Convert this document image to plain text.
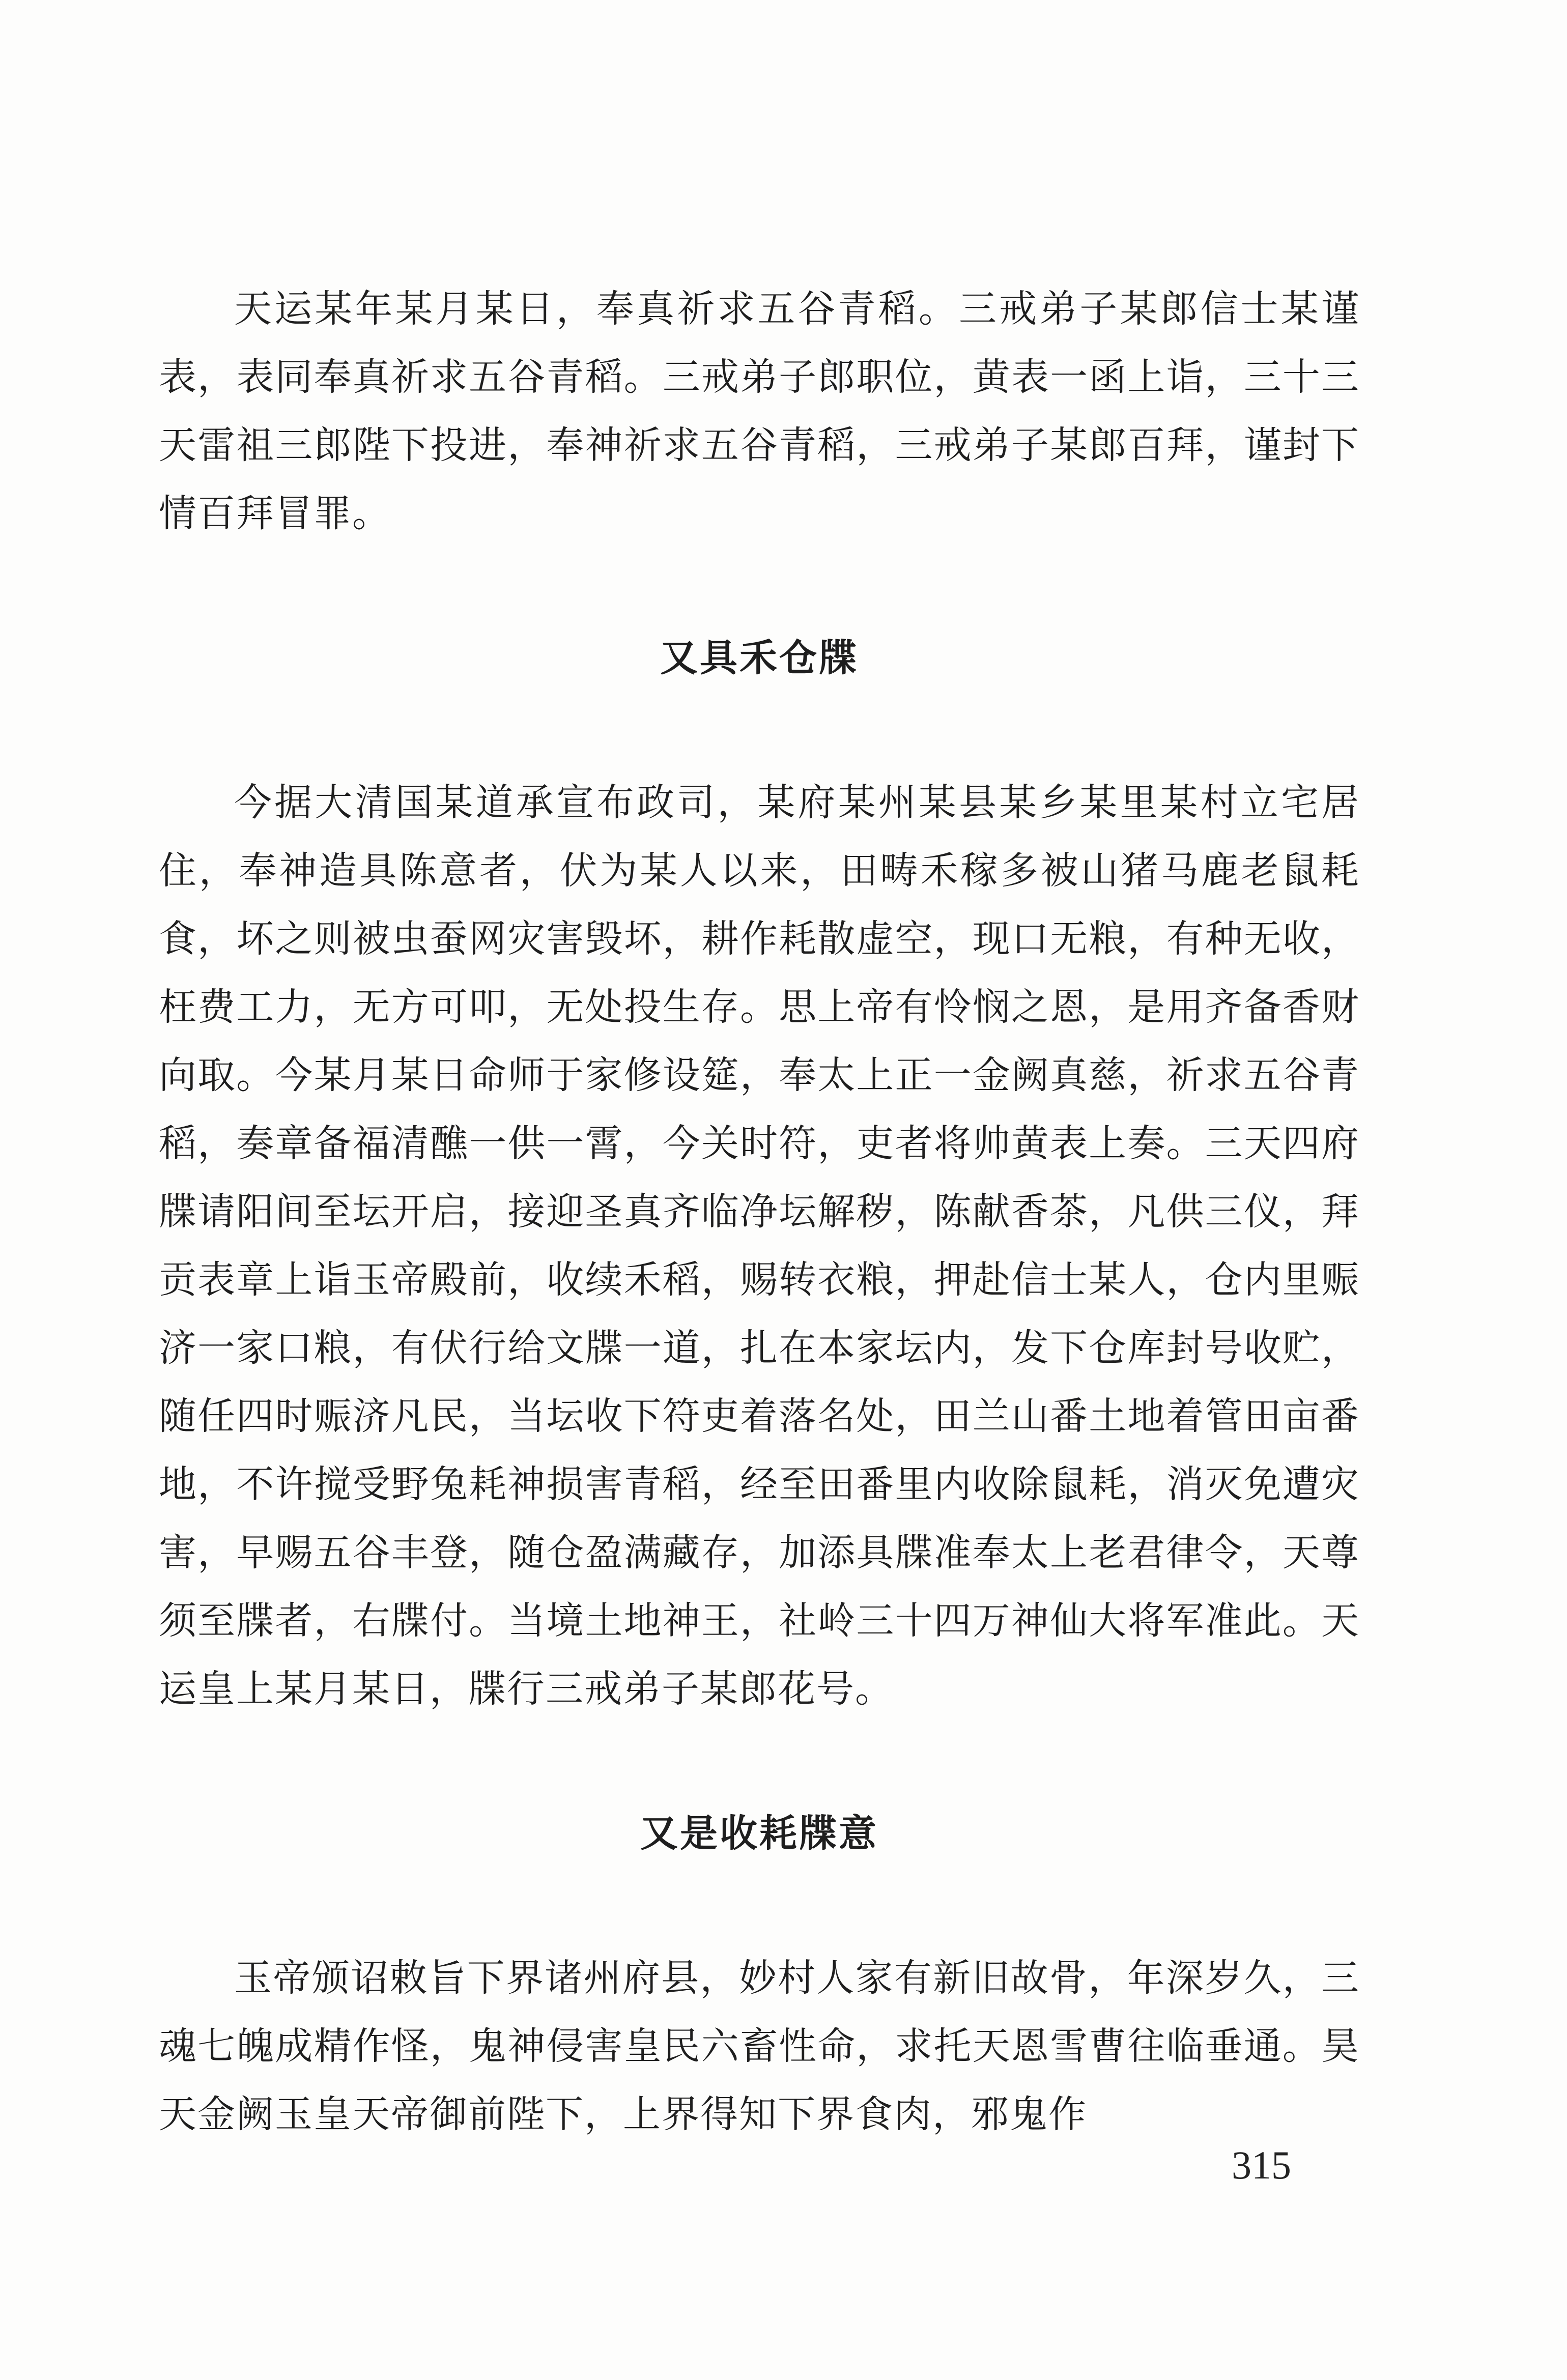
天运某年某月某日，奉真祈求五谷青稻。三戒弟子某郎信士某谨表，表同奉真祈求五谷青稻。三戒弟子郎职位，黄表一函上诣，三十三天雷祖三郎陛下投进，奉神祈求五谷青稻，三戒弟子某郎百拜，谨封下情百拜冒罪。

又具禾仓牒

今据大清国某道承宣布政司，某府某州某县某乡某里某村立宅居住，奉神造具陈意者，伏为某人以来，田畴禾稼多被山猪马鹿老鼠耗食，坏之则被虫蚕网灾害毁坏，耕作耗散虚空，现口无粮，有种无收，枉费工力，无方可叩，无处投生存。思上帝有怜悯之恩，是用齐备香财向取。今某月某日命师于家修设筵，奉太上正一金阙真慈，祈求五谷青稻，奏章备福清醮一供一霄，今关时符，吏者将帅黄表上奏。三天四府牒请阳间至坛开启，接迎圣真齐临净坛解秽，陈献香茶，凡供三仪，拜贡表章上诣玉帝殿前，收续禾稻，赐转衣粮，押赴信士某人，仓内里赈济一家口粮，有伏行给文牒一道，扎在本家坛内，发下仓库封号收贮，随任四时赈济凡民，当坛收下符吏着落名处，田兰山番土地着管田亩番地，不许搅受野兔耗神损害青稻，经至田番里内收除鼠耗，消灭免遭灾害，早赐五谷丰登，随仓盈满藏存，加添具牒准奉太上老君律令，天尊须至牒者，右牒付。当境土地神王，社岭三十四万神仙大将军准此。天运皇上某月某日，牒行三戒弟子某郎花号。

又是收耗牒意

玉帝颁诏敕旨下界诸州府县，妙村人家有新旧故骨，年深岁久，三魂七魄成精作怪，鬼神侵害皇民六畜性命，求托天恩雪曹往临垂通。昊天金阙玉皇天帝御前陛下，上界得知下界食肉，邪鬼作

315
